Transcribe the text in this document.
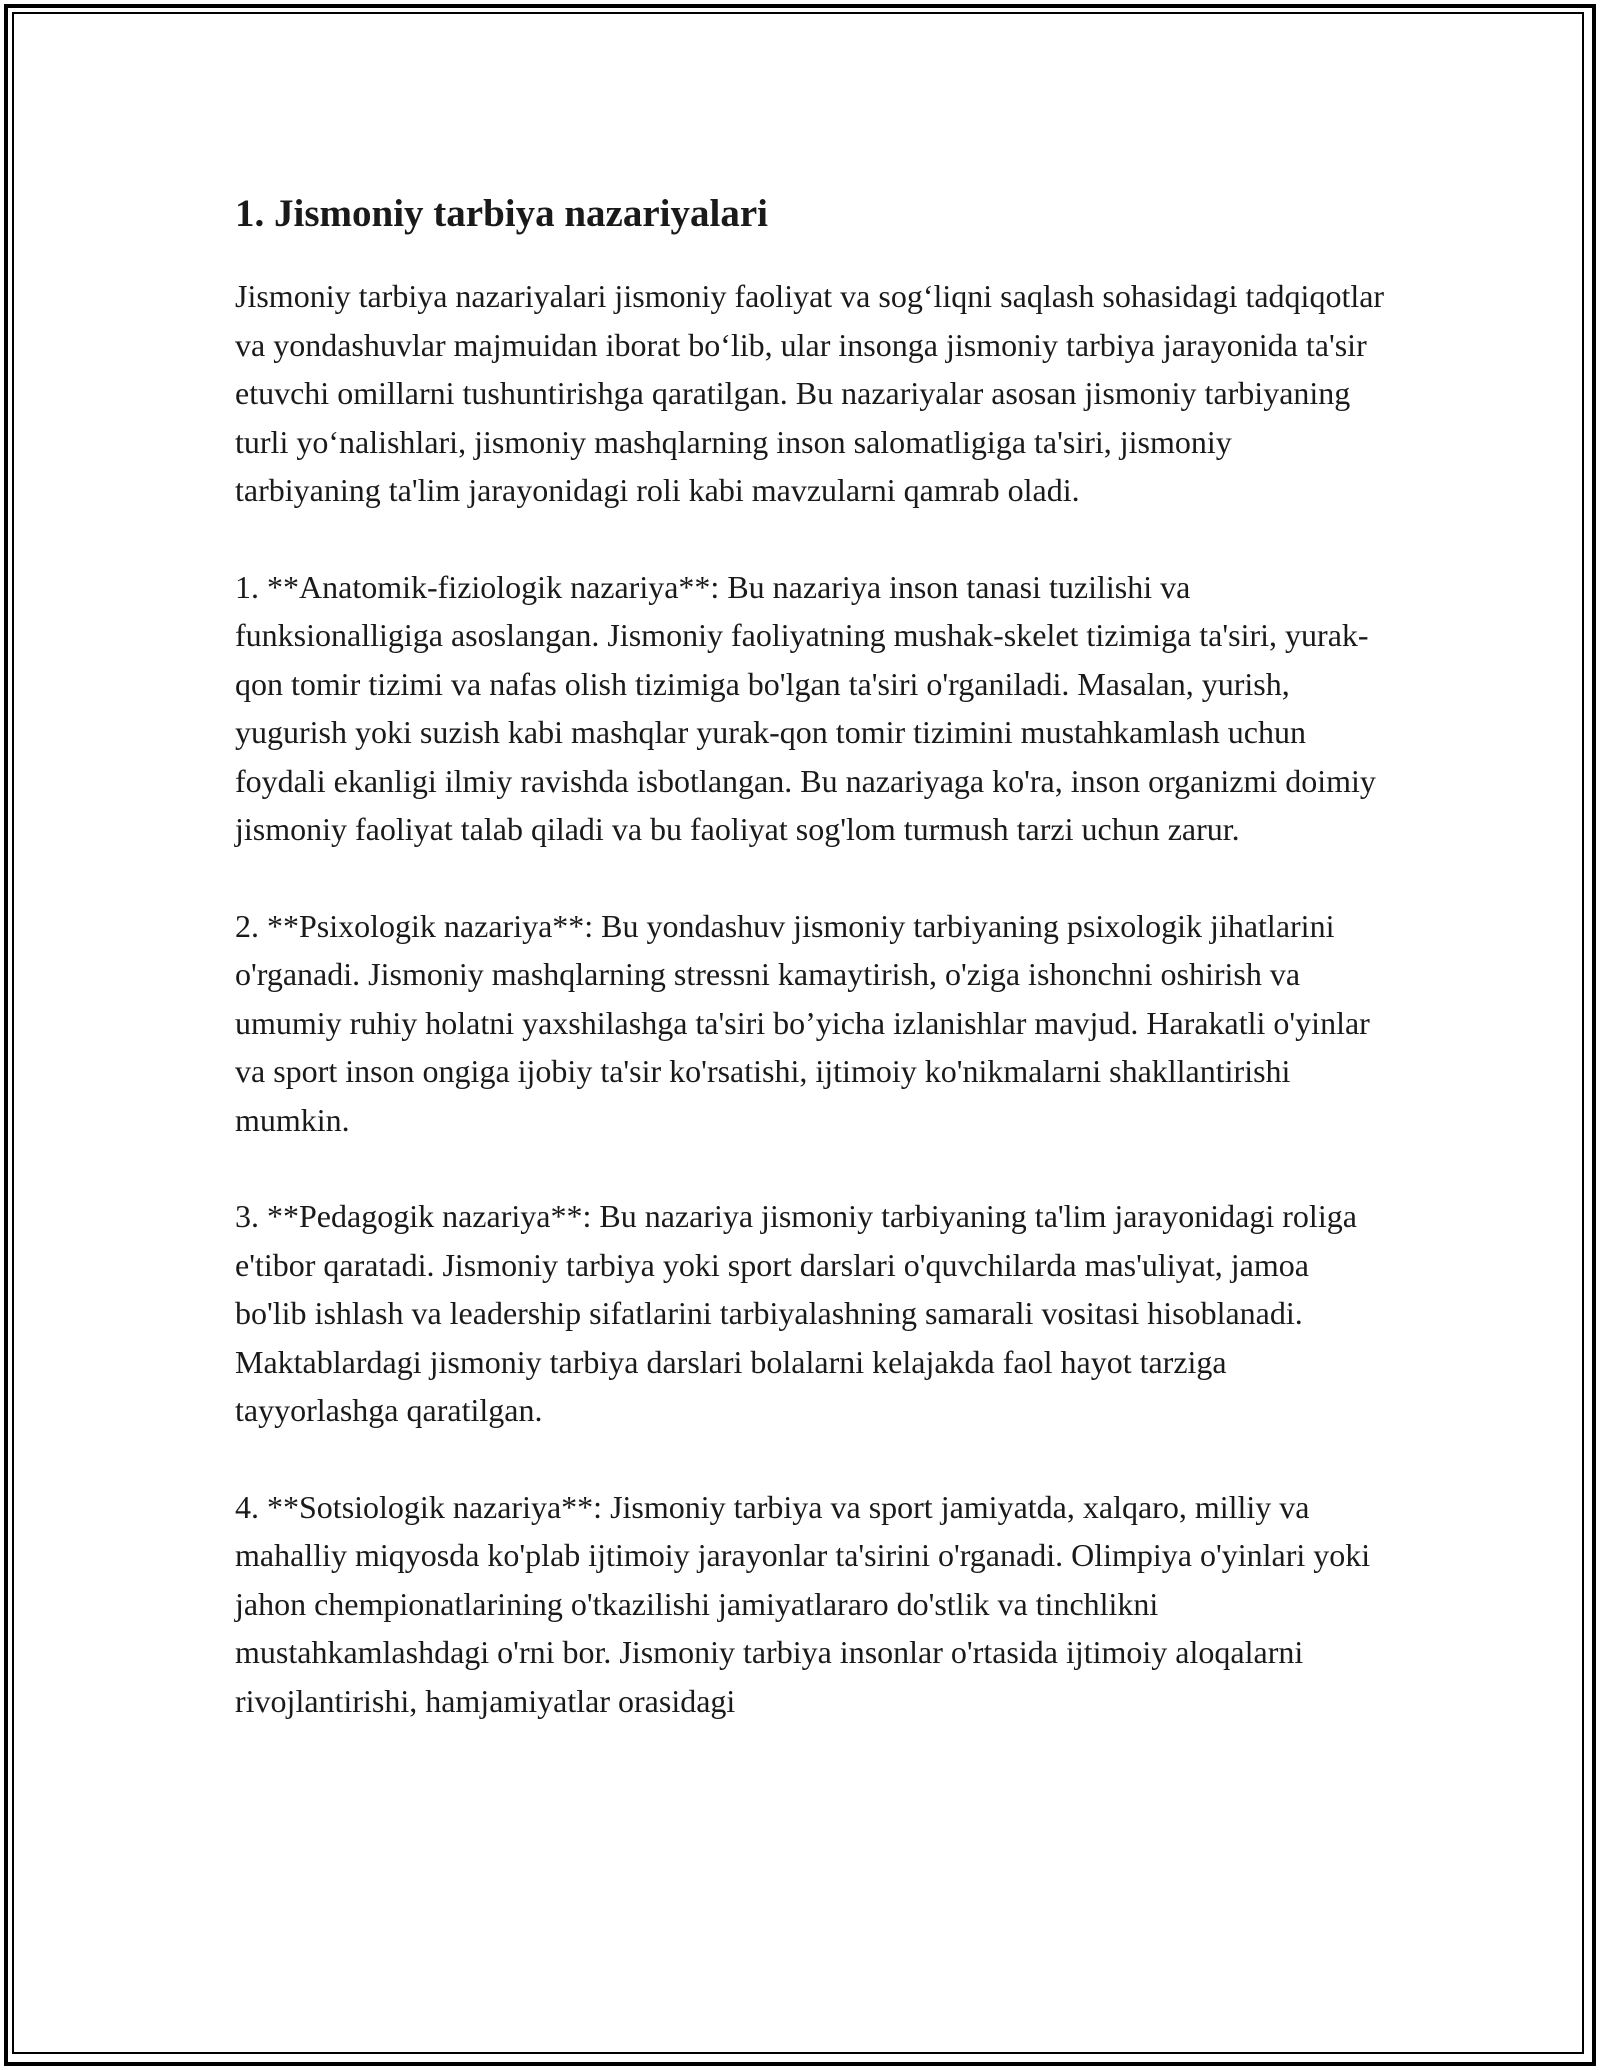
1. Jismoniy tarbiya nazariyalari

Jismoniy tarbiya nazariyalari jismoniy faoliyat va sog‘liqni saqlash sohasidagi tadqiqotlar va yondashuvlar majmuidan iborat bo‘lib, ular insonga jismoniy tarbiya jarayonida ta'sir etuvchi omillarni tushuntirishga qaratilgan. Bu nazariyalar asosan jismoniy tarbiyaning turli yo‘nalishlari, jismoniy mashqlarning inson salomatligiga ta'siri, jismoniy tarbiyaning ta'lim jarayonidagi roli kabi mavzularni qamrab oladi.

1. **Anatomik-fiziologik nazariya**: Bu nazariya inson tanasi tuzilishi va funksionalligiga asoslangan. Jismoniy faoliyatning mushak-skelet tizimiga ta'siri, yurak-qon tomir tizimi va nafas olish tizimiga bo'lgan ta'siri o'rganiladi. Masalan, yurish, yugurish yoki suzish kabi mashqlar yurak-qon tomir tizimini mustahkamlash uchun foydali ekanligi ilmiy ravishda isbotlangan. Bu nazariyaga ko'ra, inson organizmi doimiy jismoniy faoliyat talab qiladi va bu faoliyat sog'lom turmush tarzi uchun zarur.

2. **Psixologik nazariya**: Bu yondashuv jismoniy tarbiyaning psixologik jihatlarini o'rganadi. Jismoniy mashqlarning stressni kamaytirish, o'ziga ishonchni oshirish va umumiy ruhiy holatni yaxshilashga ta'siri bo’yicha izlanishlar mavjud. Harakatli o'yinlar va sport inson ongiga ijobiy ta'sir ko'rsatishi, ijtimoiy ko'nikmalarni shakllantirishi mumkin.

3. **Pedagogik nazariya**: Bu nazariya jismoniy tarbiyaning ta'lim jarayonidagi roliga e'tibor qaratadi. Jismoniy tarbiya yoki sport darslari o'quvchilarda mas'uliyat, jamoa bo'lib ishlash va leadership sifatlarini tarbiyalashning samarali vositasi hisoblanadi. Maktablardagi jismoniy tarbiya darslari bolalarni kelajakda faol hayot tarziga tayyorlashga qaratilgan.

4. **Sotsiologik nazariya**: Jismoniy tarbiya va sport jamiyatda, xalqaro, milliy va mahalliy miqyosda ko'plab ijtimoiy jarayonlar ta'sirini o'rganadi. Olimpiya o'yinlari yoki jahon chempionatlarining o'tkazilishi jamiyatlararo do'stlik va tinchlikni mustahkamlashdagi o'rni bor. Jismoniy tarbiya insonlar o'rtasida ijtimoiy aloqalarni rivojlantirishi, hamjamiyatlar orasidagi
